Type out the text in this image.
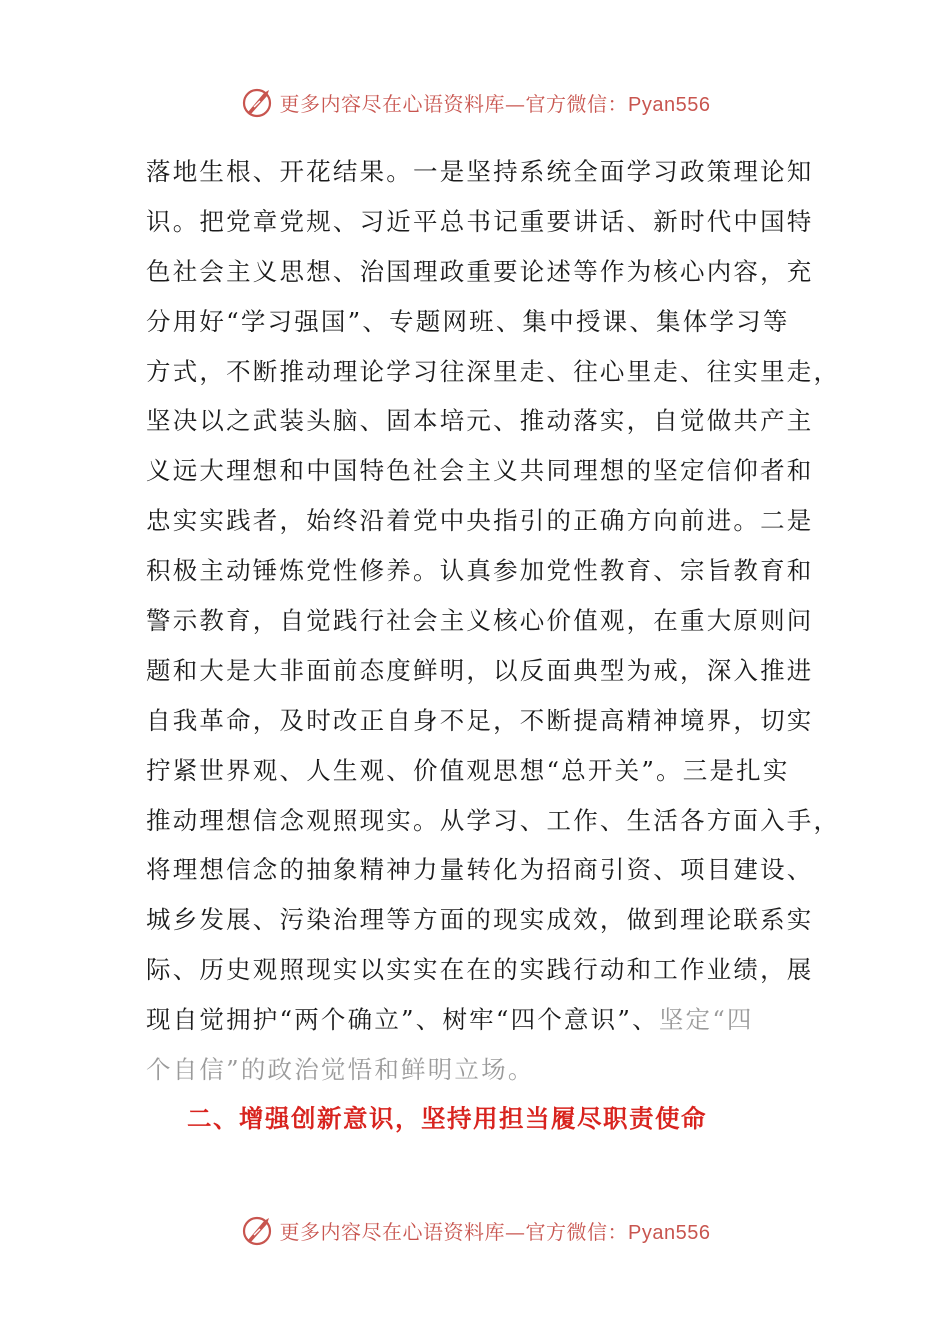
更多内容尽在心语资料库—官方微信：Pyan556
落地生根、开花结果。一是坚持系统全面学习政策理论知
识。把党章党规、习近平总书记重要讲话、新时代中国特
色社会主义思想、治国理政重要论述等作为核心内容，充
分用好“学习强国”、专题网班、集中授课、集体学习等
方式，不断推动理论学习往深里走、往心里走、往实里走，
坚决以之武装头脑、固本培元、推动落实，自觉做共产主
义远大理想和中国特色社会主义共同理想的坚定信仰者和
忠实实践者，始终沿着党中央指引的正确方向前进。二是
积极主动锤炼党性修养。认真参加党性教育、宗旨教育和
警示教育，自觉践行社会主义核心价值观，在重大原则问
题和大是大非面前态度鲜明，以反面典型为戒，深入推进
自我革命，及时改正自身不足，不断提高精神境界，切实
拧紧世界观、人生观、价值观思想“总开关”。三是扎实
推动理想信念观照现实。从学习、工作、生活各方面入手，
将理想信念的抽象精神力量转化为招商引资、项目建设、
城乡发展、污染治理等方面的现实成效，做到理论联系实
际、历史观照现实以实实在在的实践行动和工作业绩，展
现自觉拥护“两个确立”、树牢“四个意识”、坚定“四
个自信”的政治觉悟和鲜明立场。
二、增强创新意识，坚持用担当履尽职责使命
更多内容尽在心语资料库—官方微信：Pyan556
